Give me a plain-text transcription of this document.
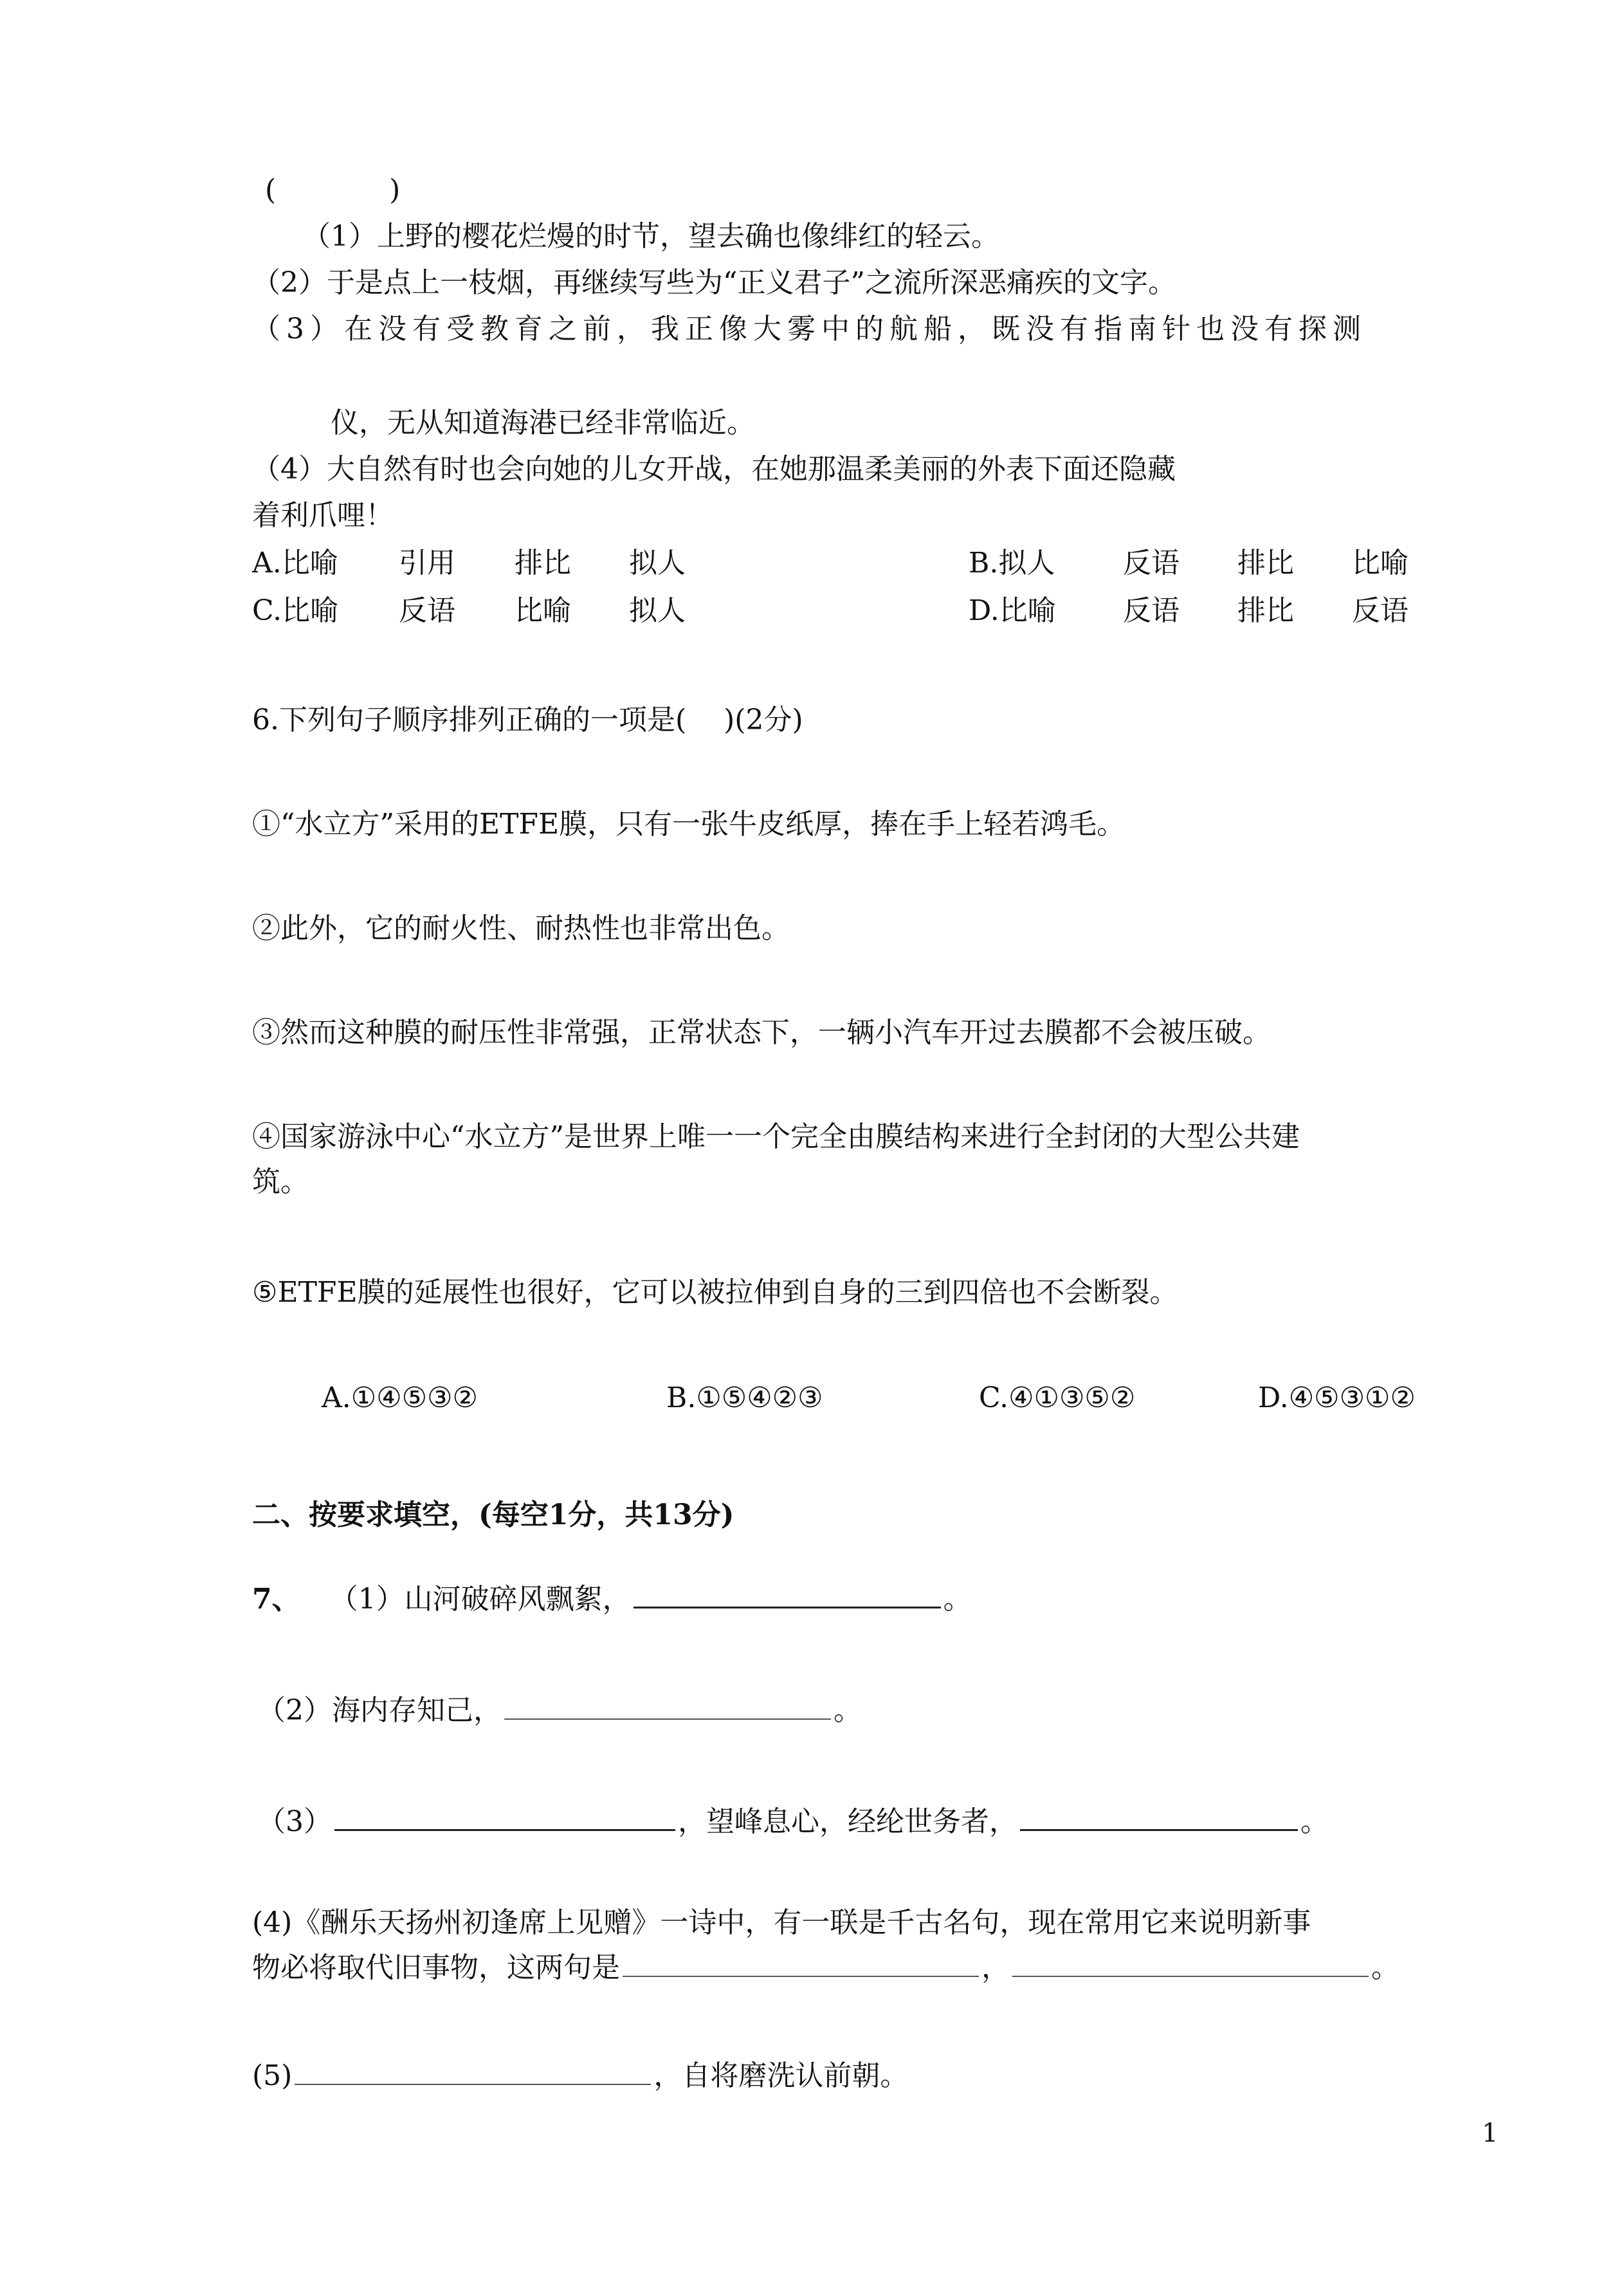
(　　　　)
（1）上野的樱花烂熳的时节，望去确也像绯红的轻云。
（2）于是点上一枝烟，再继续写些为“正义君子”之流所深恶痛疾的文字。
（3）在没有受教育之前，我正像大雾中的航船，既没有指南针也没有探测
仪，无从知道海港已经非常临近。
（4）大自然有时也会向她的儿女开战，在她那温柔美丽的外表下面还隐藏
着利爪哩！
A.比喻 引用 排比 拟人	B.拟人 反语 排比 比喻
C.比喻 反语 比喻 拟人	D.比喻 反语 排比 反语
6.下列句子顺序排列正确的一项是(　 )(2分)
①“水立方”采用的ETFE膜，只有一张牛皮纸厚，捧在手上轻若鸿毛。
②此外，它的耐火性、耐热性也非常出色。
③然而这种膜的耐压性非常强，正常状态下，一辆小汽车开过去膜都不会被压破。
④国家游泳中心“水立方”是世界上唯一一个完全由膜结构来进行全封闭的大型公共建
筑。
⑤ETFE膜的延展性也很好，它可以被拉伸到自身的三到四倍也不会断裂。
A.①④⑤③②	B.①⑤④②③	C.④①③⑤②	D.④⑤③①②
二、按要求填空，(每空1分，共13分)
7、 （1）山河破碎风飘絮，	。
（2）海内存知己，	。
（3）	，望峰息心，经纶世务者，	。
(4)《酬乐天扬州初逢席上见赠》一诗中，有一联是千古名句，现在常用它来说明新事
物必将取代旧事物，这两句是	，	。
(5)	，自将磨洗认前朝。
1
